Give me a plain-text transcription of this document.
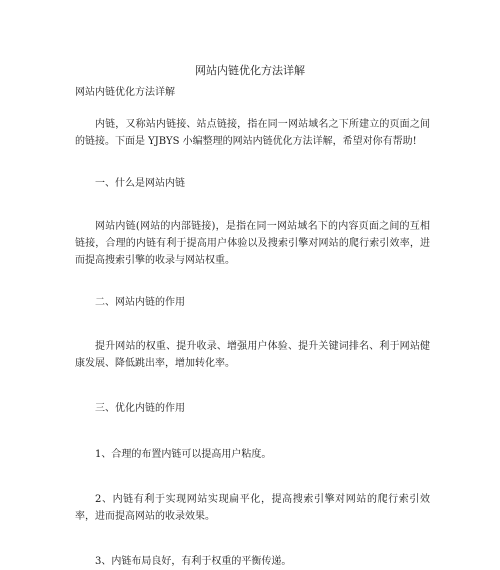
网站内链优化方法详解
网站内链优化方法详解
内链，又称站内链接、站点链接，指在同一网站域名之下所建立的页面之间的链接。下面是 YJBYS 小编整理的网站内链优化方法详解，希望对你有帮助!
一、什么是网站内链
网站内链(网站的内部链接)，是指在同一网站域名下的内容页面之间的互相链接，合理的内链有利于提高用户体验以及搜索引擎对网站的爬行索引效率，进而提高搜索引擎的收录与网站权重。
二、网站内链的作用
提升网站的权重、提升收录、增强用户体验、提升关键词排名、利于网站健康发展、降低跳出率，增加转化率。
三、优化内链的作用
1、合理的布置内链可以提高用户粘度。
2、内链有利于实现网站实现扁平化，提高搜索引擎对网站的爬行索引效率，进而提高网站的收录效果。
3、内链布局良好，有利于权重的平衡传递。
